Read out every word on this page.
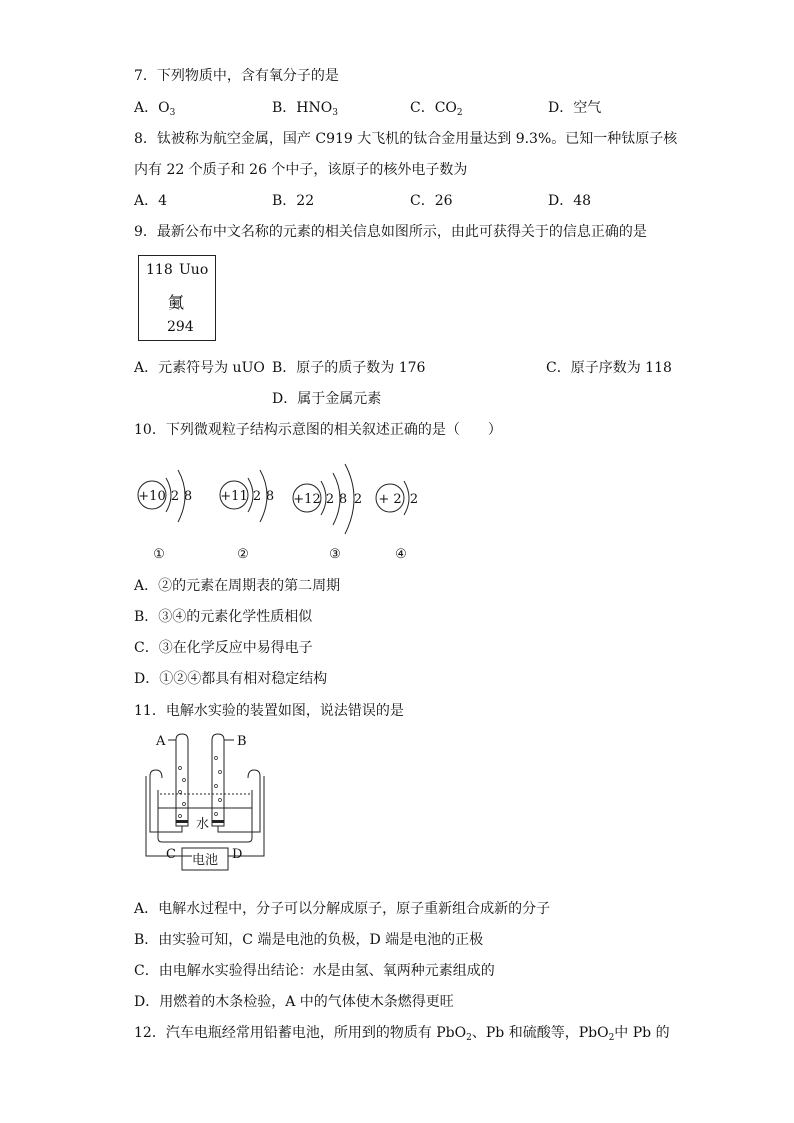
7．下列物质中，含有氧分子的是
A．$O_3$	B．$HNO_3$	C．$CO_2$	D．空气
8．钛被称为航空金属，国产 C919 大飞机的钛合金用量达到 9.3%。已知一种钛原子核
内有 22 个质子和 26 个中子，该原子的核外电子数为
A．4	B．22	C．26	D．48
9．最新公布中文名称的元素的相关信息如图所示，由此可获得关于的信息正确的是
118 Uuo
鿫
294
A．元素符号为 uUO B．原子的质子数为 176	C．原子序数为 118
D．属于金属元素
10．下列微观粒子结构示意图的相关叙述正确的是（　　）
+10 2 8 +11 2 8 +12 2 8 2 + 2 2
①	②	③	④
A．②的元素在周期表的第二周期
B．③④的元素化学性质相似
C．③在化学反应中易得电子
D．①②④都具有相对稳定结构
11．电解水实验的装置如图，说法错误的是
A	B
水
C	D
电池
A．电解水过程中，分子可以分解成原子，原子重新组合成新的分子
B．由实验可知，C 端是电池的负极，D 端是电池的正极
C．由电解水实验得出结论：水是由氢、氧两种元素组成的
D．用燃着的木条检验，A 中的气体使木条燃得更旺
12．汽车电瓶经常用铅蓄电池，所用到的物质有 PbO$_2$、Pb 和硫酸等，PbO$_2$中 Pb 的
